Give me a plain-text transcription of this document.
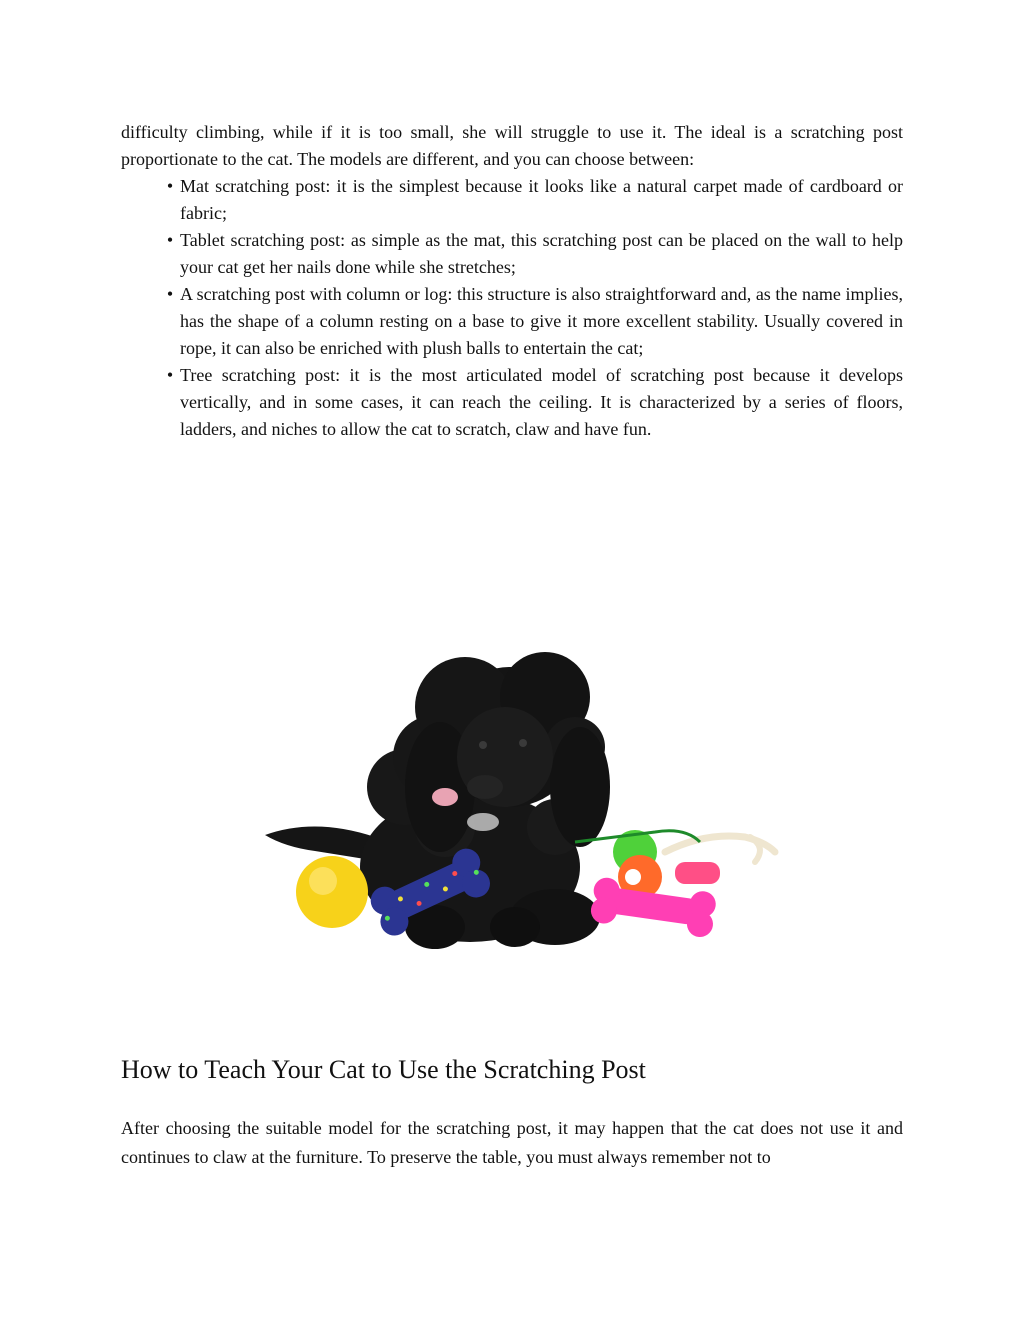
difficulty climbing, while if it is too small, she will struggle to use it. The ideal is a scratching post proportionate to the cat. The models are different, and you can choose between:

• Mat scratching post: it is the simplest because it looks like a natural carpet made of cardboard or fabric;
• Tablet scratching post: as simple as the mat, this scratching post can be placed on the wall to help your cat get her nails done while she stretches;
• A scratching post with column or log: this structure is also straightforward and, as the name implies, has the shape of a column resting on a base to give it more excellent stability. Usually covered in rope, it can also be enriched with plush balls to entertain the cat;
• Tree scratching post: it is the most articulated model of scratching post because it develops vertically, and in some cases, it can reach the ceiling. It is characterized by a series of floors, ladders, and niches to allow the cat to scratch, claw and have fun.
How to Teach Your Cat to Use the Scratching Post

After choosing the suitable model for the scratching post, it may happen that the cat does not use it and continues to claw at the furniture. To preserve the table, you must always remember not to
